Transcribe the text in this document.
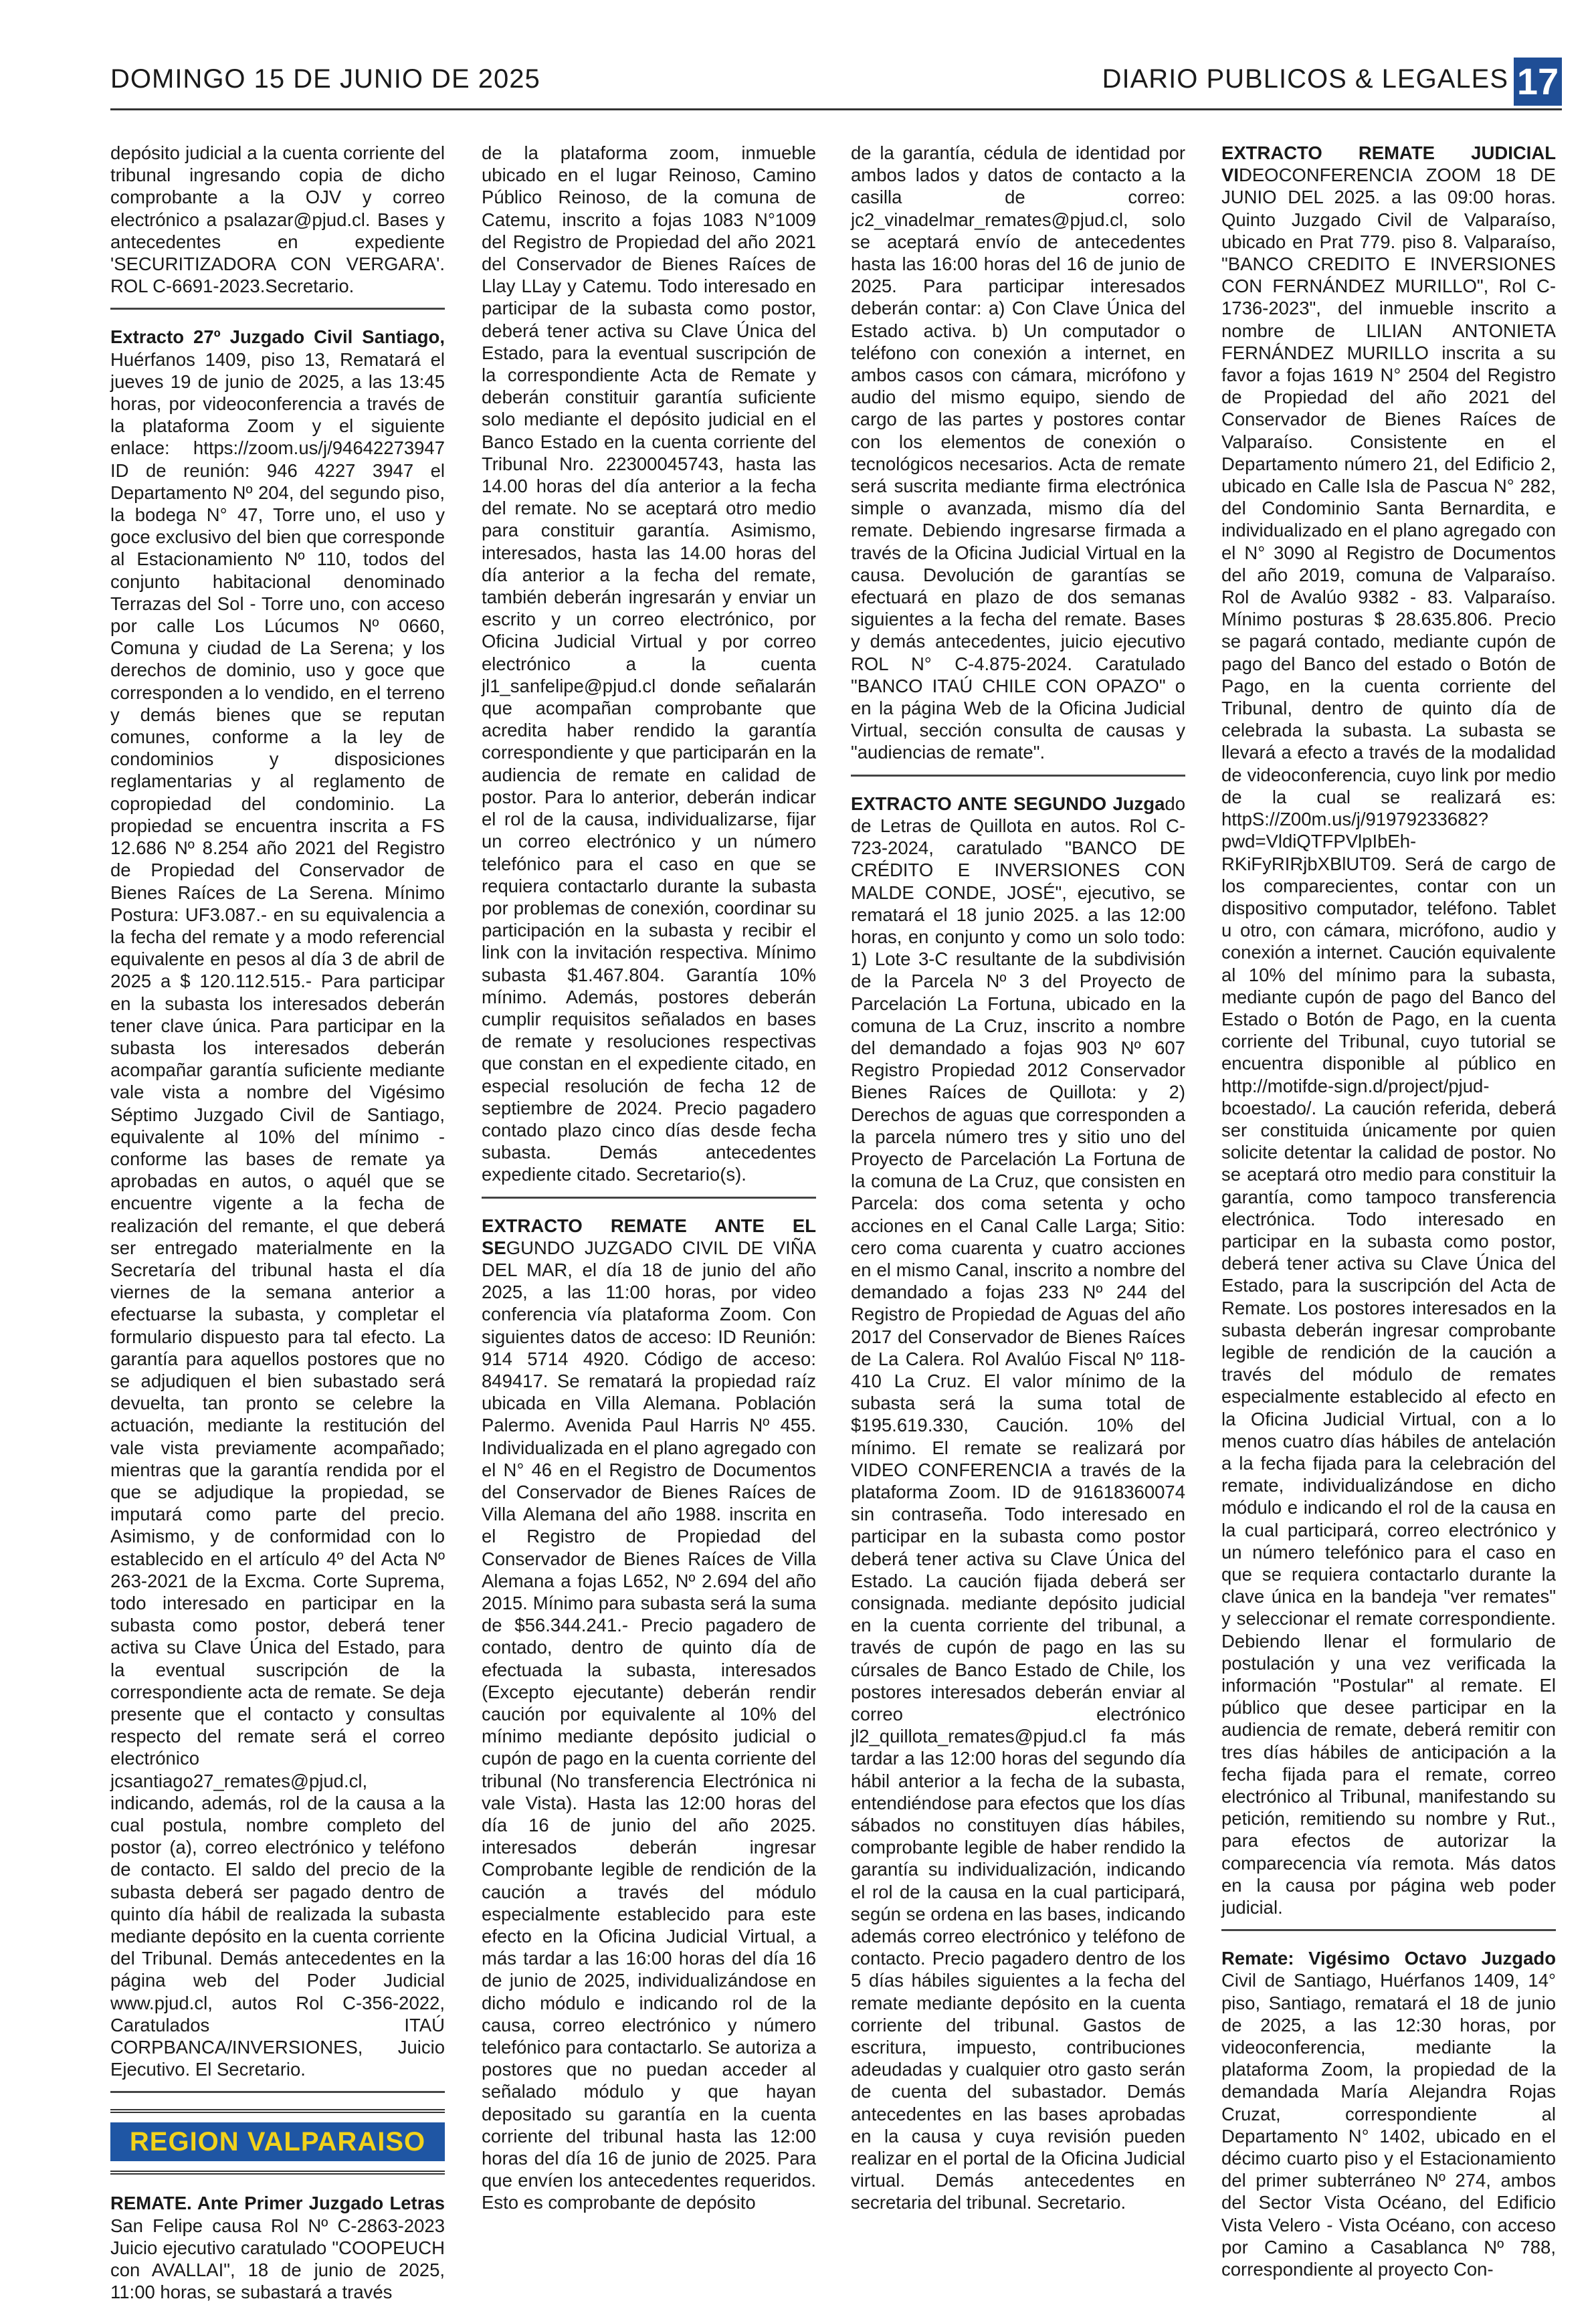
DOMINGO 15 DE JUNIO DE 2025	DIARIO PUBLICOS & LEGALES 17

depósito judicial a la cuenta corriente del tribunal ingresando copia de dicho comprobante a la OJV y correo electrónico a psalazar@pjud.cl. Bases y antecedentes en expediente 'SECURITIZADORA CON VERGARA'. ROL C-6691-2023.Secretario.

Extracto 27º Juzgado Civil Santiago, Huérfanos 1409, piso 13, Rematará el jueves 19 de junio de 2025, a las 13:45 horas, por videoconferencia a través de la plataforma Zoom y el siguiente enlace: https://zoom.us/j/94642273947 ID de reunión: 946 4227 3947 el Departamento Nº 204, del segundo piso, la bodega N° 47, Torre uno, el uso y goce exclusivo del bien que corresponde al Estacionamiento Nº 110, todos del conjunto habitacional denominado Terrazas del Sol - Torre uno, con acceso por calle Los Lúcumos Nº 0660, Comuna y ciudad de La Serena; y los derechos de dominio, uso y goce que corresponden a lo vendido, en el terreno y demás bienes que se reputan comunes, conforme a la ley de condominios y disposiciones reglamentarias y al reglamento de copropiedad del condominio. La propiedad se encuentra inscrita a FS 12.686 Nº 8.254 año 2021 del Registro de Propiedad del Conservador de Bienes Raíces de La Serena. Mínimo Postura: UF3.087.- en su equivalencia a la fecha del remate y a modo referencial equivalente en pesos al día 3 de abril de 2025 a $ 120.112.515.- Para participar en la subasta los interesados deberán tener clave única. Para participar en la subasta los interesados deberán acompañar garantía suficiente mediante vale vista a nombre del Vigésimo Séptimo Juzgado Civil de Santiago, equivalente al 10% del mínimo -conforme las bases de remate ya aprobadas en autos, o aquél que se encuentre vigente a la fecha de realización del remante, el que deberá ser entregado materialmente en la Secretaría del tribunal hasta el día viernes de la semana anterior a efectuarse la subasta, y completar el formulario dispuesto para tal efecto. La garantía para aquellos postores que no se adjudiquen el bien subastado será devuelta, tan pronto se celebre la actuación, mediante la restitución del vale vista previamente acompañado; mientras que la garantía rendida por el que se adjudique la propiedad, se imputará como parte del precio. Asimismo, y de conformidad con lo establecido en el artículo 4º del Acta Nº 263-2021 de la Excma. Corte Suprema, todo interesado en participar en la subasta como postor, deberá tener activa su Clave Única del Estado, para la eventual suscripción de la correspondiente acta de remate. Se deja presente que el contacto y consultas respecto del remate será el correo electrónico jcsantiago27_remates@pjud.cl, indicando, además, rol de la causa a la cual postula, nombre completo del postor (a), correo electrónico y teléfono de contacto. El saldo del precio de la subasta deberá ser pagado dentro de quinto día hábil de realizada la subasta mediante depósito en la cuenta corriente del Tribunal. Demás antecedentes en la página web del Poder Judicial www.pjud.cl, autos Rol C-356-2022, Caratulados ITAÚ CORPBANCA/INVERSIONES, Juicio Ejecutivo. El Secretario.

REGION VALPARAISO

REMATE. Ante Primer Juzgado Letras San Felipe causa Rol Nº C-2863-2023 Juicio ejecutivo caratulado "COOPEUCH con AVALLAI", 18 de junio de 2025, 11:00 horas, se subastará a través

de la plataforma zoom, inmueble ubicado en el lugar Reinoso, Camino Público Reinoso, de la comuna de Catemu, inscrito a fojas 1083 N°1009 del Registro de Propiedad del año 2021 del Conservador de Bienes Raíces de Llay LLay y Catemu. Todo interesado en participar de la subasta como postor, deberá tener activa su Clave Única del Estado, para la eventual suscripción de la correspondiente Acta de Remate y deberán constituir garantía suficiente solo mediante el depósito judicial en el Banco Estado en la cuenta corriente del Tribunal Nro. 22300045743, hasta las 14.00 horas del día anterior a la fecha del remate. No se aceptará otro medio para constituir garantía. Asimismo, interesados, hasta las 14.00 horas del día anterior a la fecha del remate, también deberán ingresarán y enviar un escrito y un correo electrónico, por Oficina Judicial Virtual y por correo electrónico a la cuenta jl1_sanfelipe@pjud.cl donde señalarán que acompañan comprobante que acredita haber rendido la garantía correspondiente y que participarán en la audiencia de remate en calidad de postor. Para lo anterior, deberán indicar el rol de la causa, individualizarse, fijar un correo electrónico y un número telefónico para el caso en que se requiera contactarlo durante la subasta por problemas de conexión, coordinar su participación en la subasta y recibir el link con la invitación respectiva. Mínimo subasta $1.467.804. Garantía 10% mínimo. Además, postores deberán cumplir requisitos señalados en bases de remate y resoluciones respectivas que constan en el expediente citado, en especial resolución de fecha 12 de septiembre de 2024. Precio pagadero contado plazo cinco días desde fecha subasta. Demás antecedentes expediente citado. Secretario(s).

EXTRACTO REMATE ANTE EL SEGUNDO JUZGADO CIVIL DE VIÑA DEL MAR, el día 18 de junio del año 2025, a las 11:00 horas, por video conferencia vía plataforma Zoom. Con siguientes datos de acceso: ID Reunión: 914 5714 4920. Código de acceso: 849417. Se rematará la propiedad raíz ubicada en Villa Alemana. Población Palermo. Avenida Paul Harris Nº 455. Individualizada en el plano agregado con el N° 46 en el Registro de Documentos del Conservador de Bienes Raíces de Villa Alemana del año 1988. inscrita en el Registro de Propiedad del Conservador de Bienes Raíces de Villa Alemana a fojas L652, Nº 2.694 del año 2015. Mínimo para subasta será la suma de $56.344.241.- Precio pagadero de contado, dentro de quinto día de efectuada la subasta, interesados (Excepto ejecutante) deberán rendir caución por equivalente al 10% del mínimo mediante depósito judicial o cupón de pago en la cuenta corriente del tribunal (No transferencia Electrónica ni vale Vista). Hasta las 12:00 horas del día 16 de junio del año 2025. interesados deberán ingresar Comprobante legible de rendición de la caución a través del módulo especialmente establecido para este efecto en la Oficina Judicial Virtual, a más tardar a las 16:00 horas del día 16 de junio de 2025, individualizándose en dicho módulo e indicando rol de la causa, correo electrónico y número telefónico para contactarlo. Se autoriza a postores que no puedan acceder al señalado módulo y que hayan depositado su garantía en la cuenta corriente del tribunal hasta las 12:00 horas del día 16 de junio de 2025. Para que envíen los antecedentes requeridos. Esto es comprobante de depósito

de la garantía, cédula de identidad por ambos lados y datos de contacto a la casilla de correo: jc2_vinadelmar_remates@pjud.cl, solo se aceptará envío de antecedentes hasta las 16:00 horas del 16 de junio de 2025. Para participar interesados deberán contar: a) Con Clave Única del Estado activa. b) Un computador o teléfono con conexión a internet, en ambos casos con cámara, micrófono y audio del mismo equipo, siendo de cargo de las partes y postores contar con los elementos de conexión o tecnológicos necesarios. Acta de remate será suscrita mediante firma electrónica simple o avanzada, mismo día del remate. Debiendo ingresarse firmada a través de la Oficina Judicial Virtual en la causa. Devolución de garantías se efectuará en plazo de dos semanas siguientes a la fecha del remate. Bases y demás antecedentes, juicio ejecutivo ROL N° C-4.875-2024. Caratulado "BANCO ITAÚ CHILE CON OPAZO" o en la página Web de la Oficina Judicial Virtual, sección consulta de causas y "audiencias de remate".

EXTRACTO ANTE SEGUNDO Juzgado de Letras de Quillota en autos. Rol C-723-2024, caratulado "BANCO DE CRÉDITO E INVERSIONES CON MALDE CONDE, JOSÉ", ejecutivo, se rematará el 18 junio 2025. a las 12:00 horas, en conjunto y como un solo todo: 1) Lote 3-C resultante de la subdivisión de la Parcela Nº 3 del Proyecto de Parcelación La Fortuna, ubicado en la comuna de La Cruz, inscrito a nombre del demandado a fojas 903 Nº 607 Registro Propiedad 2012 Conservador Bienes Raíces de Quillota: y 2) Derechos de aguas que corresponden a la parcela número tres y sitio uno del Proyecto de Parcelación La Fortuna de la comuna de La Cruz, que consisten en Parcela: dos coma setenta y ocho acciones en el Canal Calle Larga; Sitio: cero coma cuarenta y cuatro acciones en el mismo Canal, inscrito a nombre del demandado a fojas 233 Nº 244 del Registro de Propiedad de Aguas del año 2017 del Conservador de Bienes Raíces de La Calera. Rol Avalúo Fiscal Nº 118-410 La Cruz. El valor mínimo de la subasta será la suma total de $195.619.330, Caución. 10% del mínimo. El remate se realizará por VIDEO CONFERENCIA a través de la plataforma Zoom. ID de 91618360074 sin contraseña. Todo interesado en participar en la subasta como postor deberá tener activa su Clave Única del Estado. La caución fijada deberá ser consignada. mediante depósito judicial en la cuenta corriente del tribunal, a través de cupón de pago en las su cúrsales de Banco Estado de Chile, los postores interesados deberán enviar al correo electrónico jl2_quillota_remates@pjud.cl fa más tardar a las 12:00 horas del segundo día hábil anterior a la fecha de la subasta, entendiéndose para efectos que los días sábados no constituyen días hábiles, comprobante legible de haber rendido la garantía su individualización, indicando el rol de la causa en la cual participará, según se ordena en las bases, indicando además correo electrónico y teléfono de contacto. Precio pagadero dentro de los 5 días hábiles siguientes a la fecha del remate mediante depósito en la cuenta corriente del tribunal. Gastos de escritura, impuesto, contribuciones adeudadas y cualquier otro gasto serán de cuenta del subastador. Demás antecedentes en las bases aprobadas en la causa y cuya revisión pueden realizar en el portal de la Oficina Judicial virtual. Demás antecedentes en secretaria del tribunal. Secretario.

EXTRACTO REMATE JUDICIAL VIDEOCONFERENCIA ZOOM 18 DE JUNIO DEL 2025. a las 09:00 horas. Quinto Juzgado Civil de Valparaíso, ubicado en Prat 779. piso 8. Valparaíso, "BANCO CREDITO E INVERSIONES CON FERNÁNDEZ MURILLO", Rol C-1736-2023", del inmueble inscrito a nombre de LILIAN ANTONIETA FERNÁNDEZ MURILLO inscrita a su favor a fojas 1619 N° 2504 del Registro de Propiedad del año 2021 del Conservador de Bienes Raíces de Valparaíso. Consistente en el Departamento número 21, del Edificio 2, ubicado en Calle Isla de Pascua N° 282, del Condominio Santa Bernardita, e individualizado en el plano agregado con el N° 3090 al Registro de Documentos del año 2019, comuna de Valparaíso. Rol de Avalúo 9382 - 83. Valparaíso. Mínimo posturas $ 28.635.806. Precio se pagará contado, mediante cupón de pago del Banco del estado o Botón de Pago, en la cuenta corriente del Tribunal, dentro de quinto día de celebrada la subasta. La subasta se llevará a efecto a través de la modalidad de videoconferencia, cuyo link por medio de la cual se realizará es: httpS://Z00m.us/j/91979233682?pwd=VldiQTFPVlpIbEh-RKiFyRIRjbXBlUT09. Será de cargo de los comparecientes, contar con un dispositivo computador, teléfono. Tablet u otro, con cámara, micrófono, audio y conexión a internet. Caución equivalente al 10% del mínimo para la subasta, mediante cupón de pago del Banco del Estado o Botón de Pago, en la cuenta corriente del Tribunal, cuyo tutorial se encuentra disponible al público en http://motifde-sign.d/project/pjud-bcoestado/. La caución referida, deberá ser constituida únicamente por quien solicite detentar la calidad de postor. No se aceptará otro medio para constituir la garantía, como tampoco transferencia electrónica. Todo interesado en participar en la subasta como postor, deberá tener activa su Clave Única del Estado, para la suscripción del Acta de Remate. Los postores interesados en la subasta deberán ingresar comprobante legible de rendición de la caución a través del módulo de remates especialmente establecido al efecto en la Oficina Judicial Virtual, con a lo menos cuatro días hábiles de antelación a la fecha fijada para la celebración del remate, individualizándose en dicho módulo e indicando el rol de la causa en la cual participará, correo electrónico y un número telefónico para el caso en que se requiera contactarlo durante la clave única en la bandeja "ver remates" y seleccionar el remate correspondiente. Debiendo llenar el formulario de postulación y una vez verificada la información "Postular" al remate. El público que desee participar en la audiencia de remate, deberá remitir con tres días hábiles de anticipación a la fecha fijada para el remate, correo electrónico al Tribunal, manifestando su petición, remitiendo su nombre y Rut., para efectos de autorizar la comparecencia vía remota. Más datos en la causa por página web poder judicial.

Remate: Vigésimo Octavo Juzgado Civil de Santiago, Huérfanos 1409, 14° piso, Santiago, rematará el 18 de junio de 2025, a las 12:30 horas, por videoconferencia, mediante la plataforma Zoom, la propiedad de la demandada María Alejandra Rojas Cruzat, correspondiente al Departamento N° 1402, ubicado en el décimo cuarto piso y el Estacionamiento del primer subterráneo Nº 274, ambos del Sector Vista Océano, del Edificio Vista Velero - Vista Océano, con acceso por Camino a Casablanca Nº 788, correspondiente al proyecto Con-
